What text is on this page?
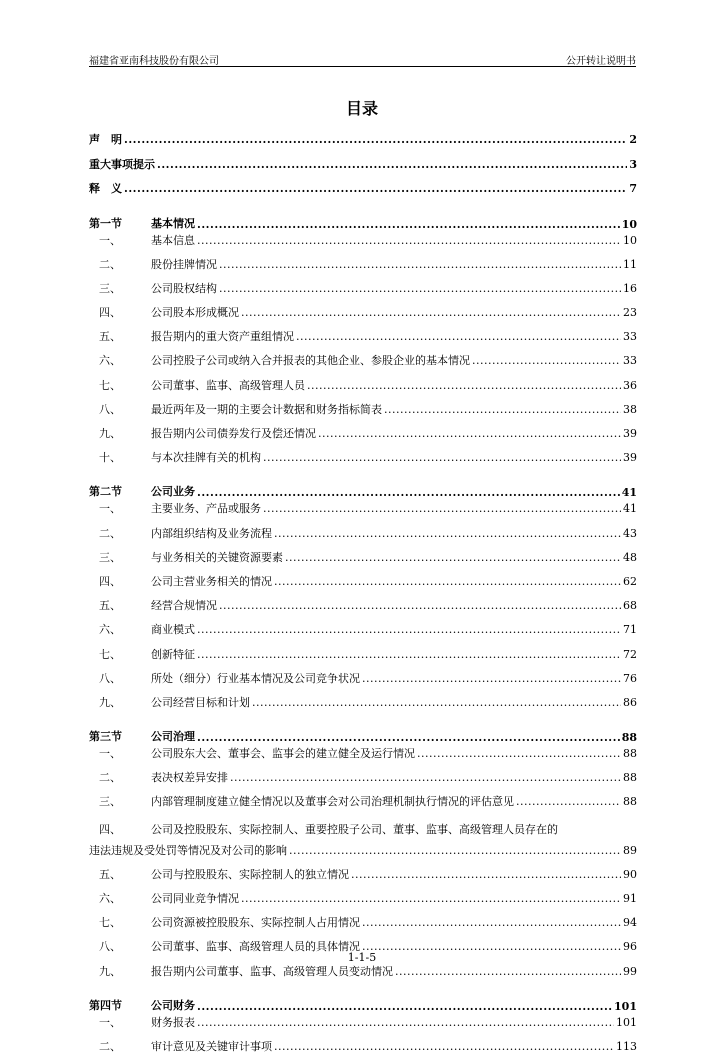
福建省亚南科技股份有限公司	公开转让说明书
目录
声　明 .....	2
重大事项提示 .....	3
释　义 .....	7
第一节	基本情况 .....	10
一、	基本信息 .....	10
二、	股份挂牌情况 .....	11
三、	公司股权结构 .....	16
四、	公司股本形成概况 .....	23
五、	报告期内的重大资产重组情况 .....	33
六、	公司控股子公司或纳入合并报表的其他企业、参股企业的基本情况 .....	33
七、	公司董事、监事、高级管理人员 .....	36
八、	最近两年及一期的主要会计数据和财务指标简表 .....	38
九、	报告期内公司债券发行及偿还情况 .....	39
十、	与本次挂牌有关的机构 .....	39
第二节	公司业务 .....	41
一、	主要业务、产品或服务 .....	41
二、	内部组织结构及业务流程 .....	43
三、	与业务相关的关键资源要素 .....	48
四、	公司主营业务相关的情况 .....	62
五、	经营合规情况 .....	68
六、	商业模式 .....	71
七、	创新特征 .....	72
八、	所处（细分）行业基本情况及公司竞争状况 .....	76
九、	公司经营目标和计划 .....	86
第三节	公司治理 .....	88
一、	公司股东大会、董事会、监事会的建立健全及运行情况 .....	88
二、	表决权差异安排 .....	88
三、	内部管理制度建立健全情况以及董事会对公司治理机制执行情况的评估意见 .....	88
四、	公司及控股股东、实际控制人、重要控股子公司、董事、监事、高级管理人员存在的
违法违规及受处罚等情况及对公司的影响 .....	89
五、	公司与控股股东、实际控制人的独立情况 .....	90
六、	公司同业竞争情况 .....	91
七、	公司资源被控股股东、实际控制人占用情况 .....	94
八、	公司董事、监事、高级管理人员的具体情况 .....	96
九、	报告期内公司董事、监事、高级管理人员变动情况 .....	99
第四节	公司财务 .....	101
一、	财务报表 .....	101
二、	审计意见及关键审计事项 .....	113
1-1-5
